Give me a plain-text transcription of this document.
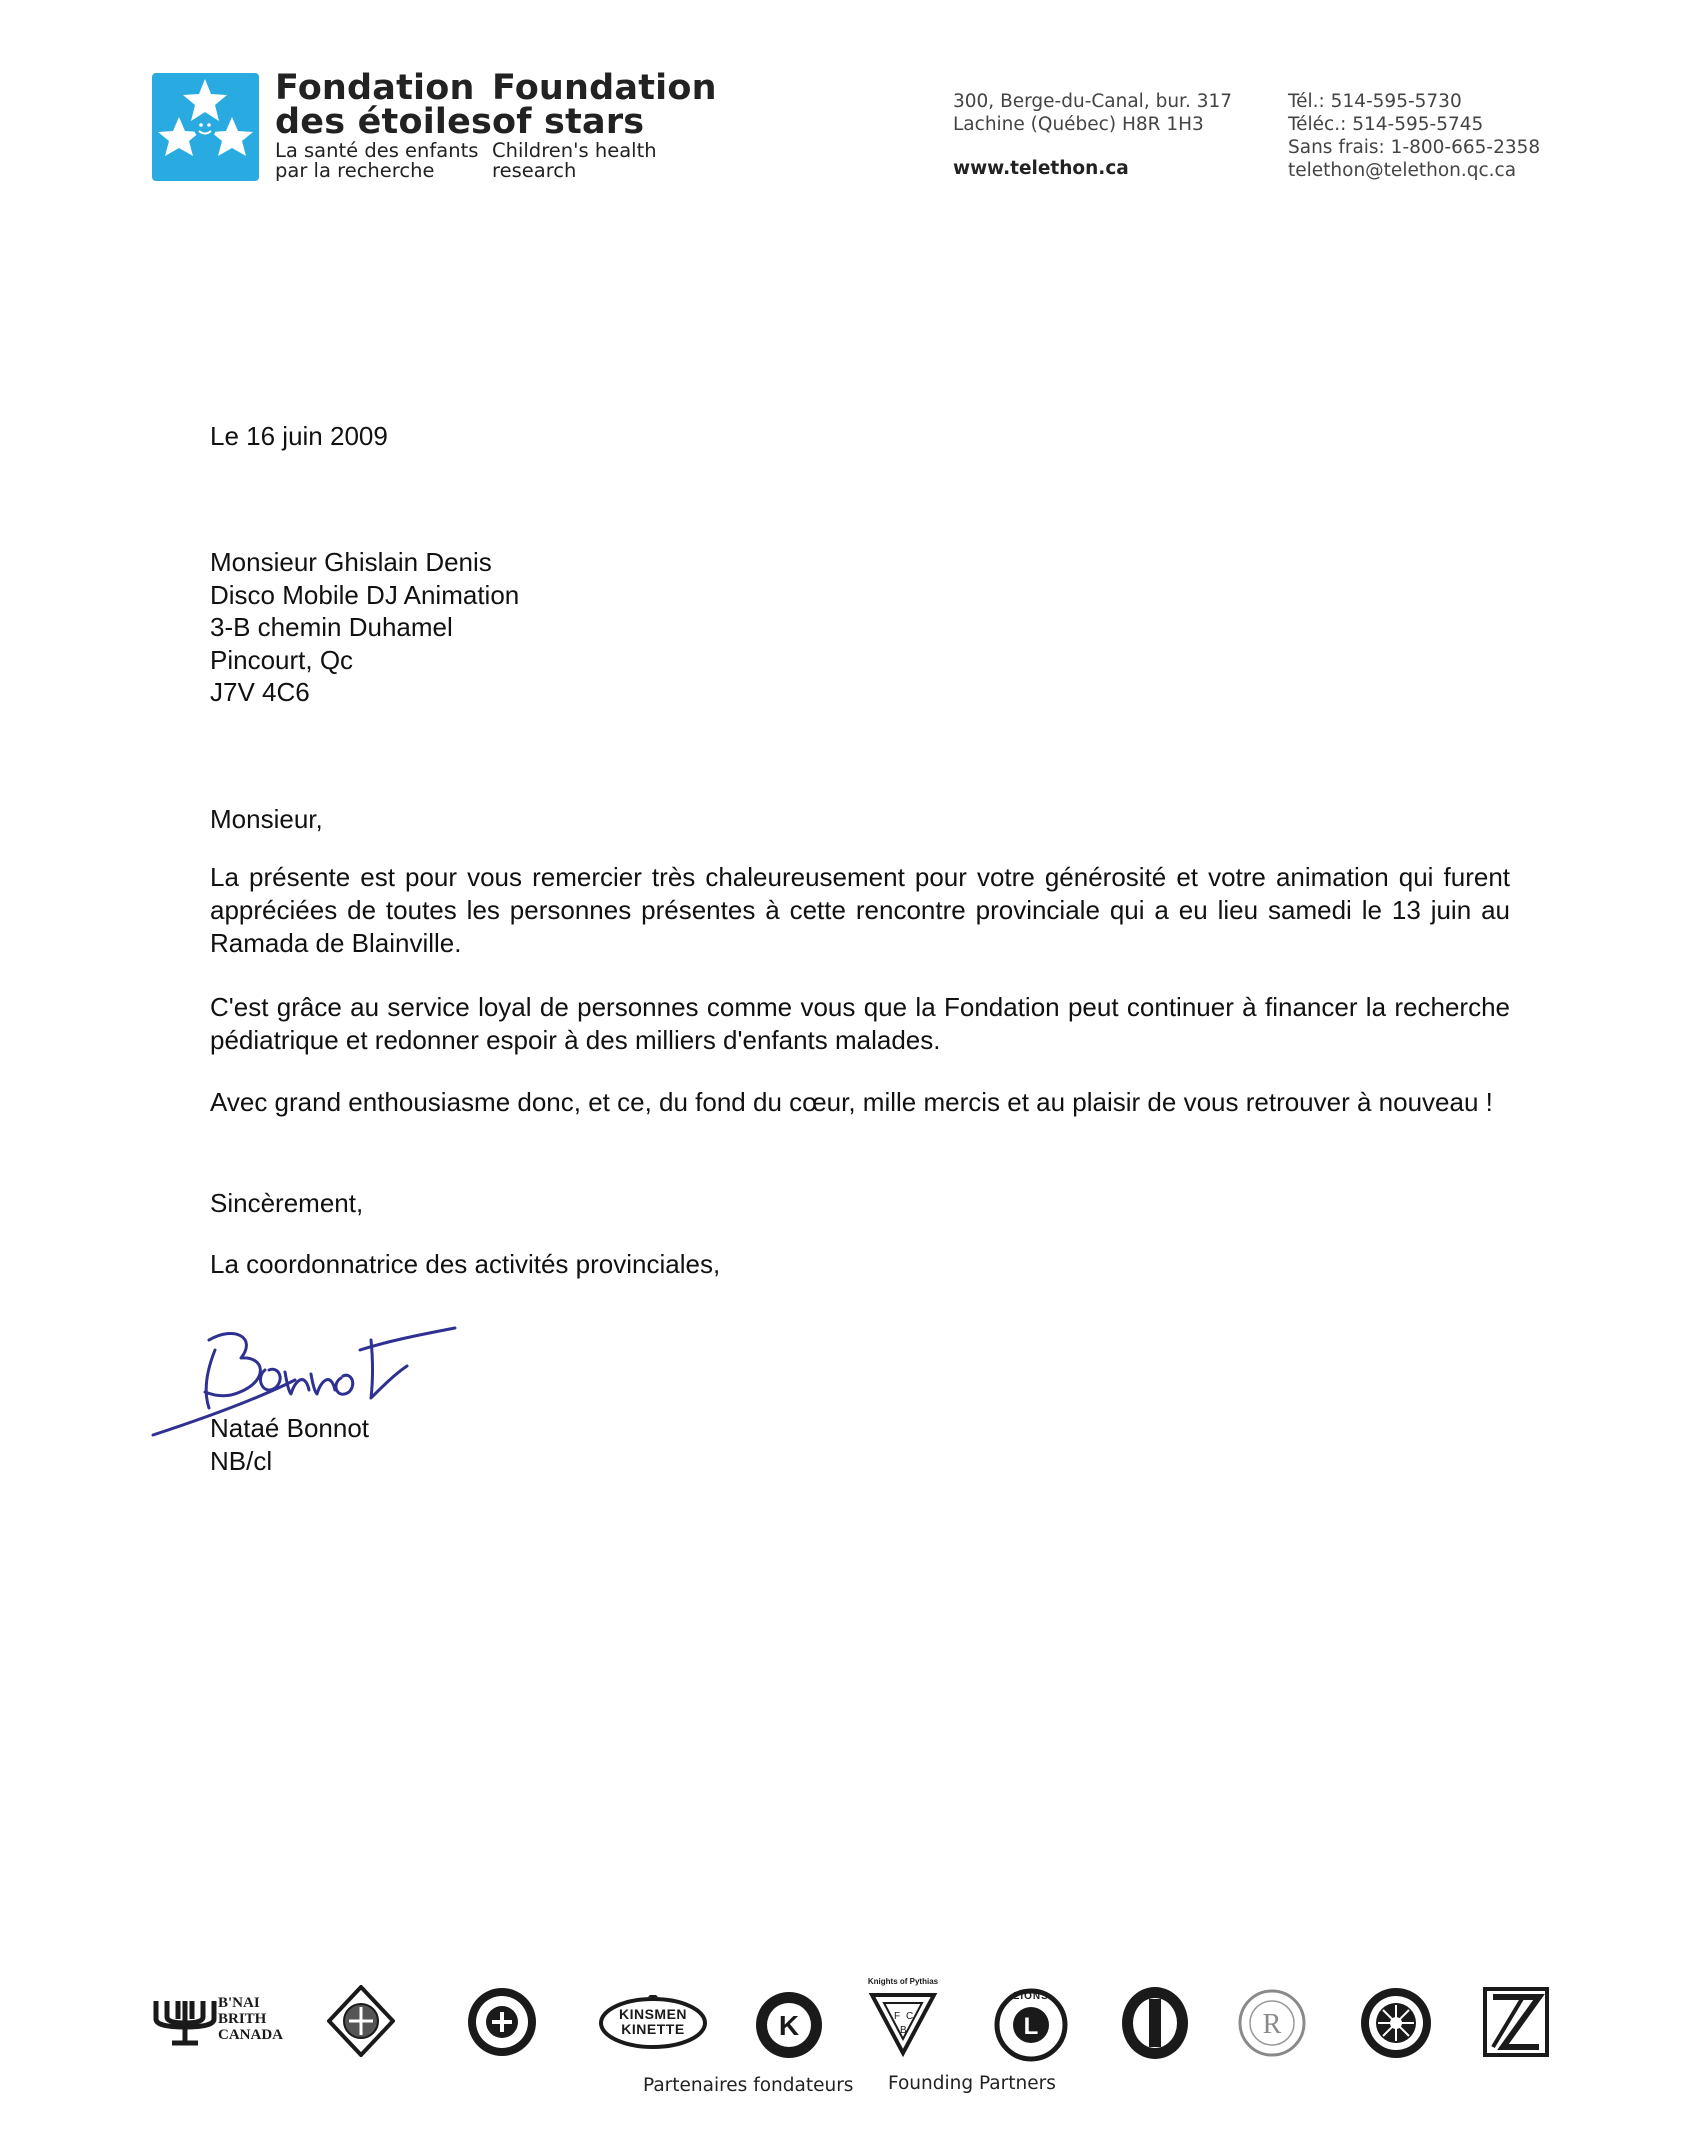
Fondation
des étoiles
La santé des enfants
par la recherche
Foundation
of stars
Children's health
research
300, Berge-du-Canal, bur. 317
Lachine (Québec) H8R 1H3
www.telethon.ca
Tél.: 514-595-5730
Téléc.: 514-595-5745
Sans frais: 1-800-665-2358
telethon@telethon.qc.ca
Le 16 juin 2009
Monsieur Ghislain Denis
Disco Mobile DJ Animation
3-B chemin Duhamel
Pincourt, Qc
J7V 4C6
Monsieur,
La présente est pour vous remercier très chaleureusement pour votre générosité et votre animation qui furent appréciées de toutes les personnes présentes à cette rencontre provinciale qui a eu lieu samedi le 13 juin au Ramada de Blainville.
C'est grâce au service loyal de personnes comme vous que la Fondation peut continuer à financer la recherche pédiatrique et redonner espoir à des milliers d'enfants malades.
Avec grand enthousiasme donc, et ce, du fond du cœur, mille mercis et au plaisir de vous retrouver à nouveau !
Sincèrement,
La coordonnatrice des activités provinciales,
Nataé Bonnot
NB/cl
B'NAI
BRITH
CANADA
KINSMEN
KINETTE	K
Knights of Pythias
F C
B	L
LIONS
R
Partenaires fondateurs Founding Partners
